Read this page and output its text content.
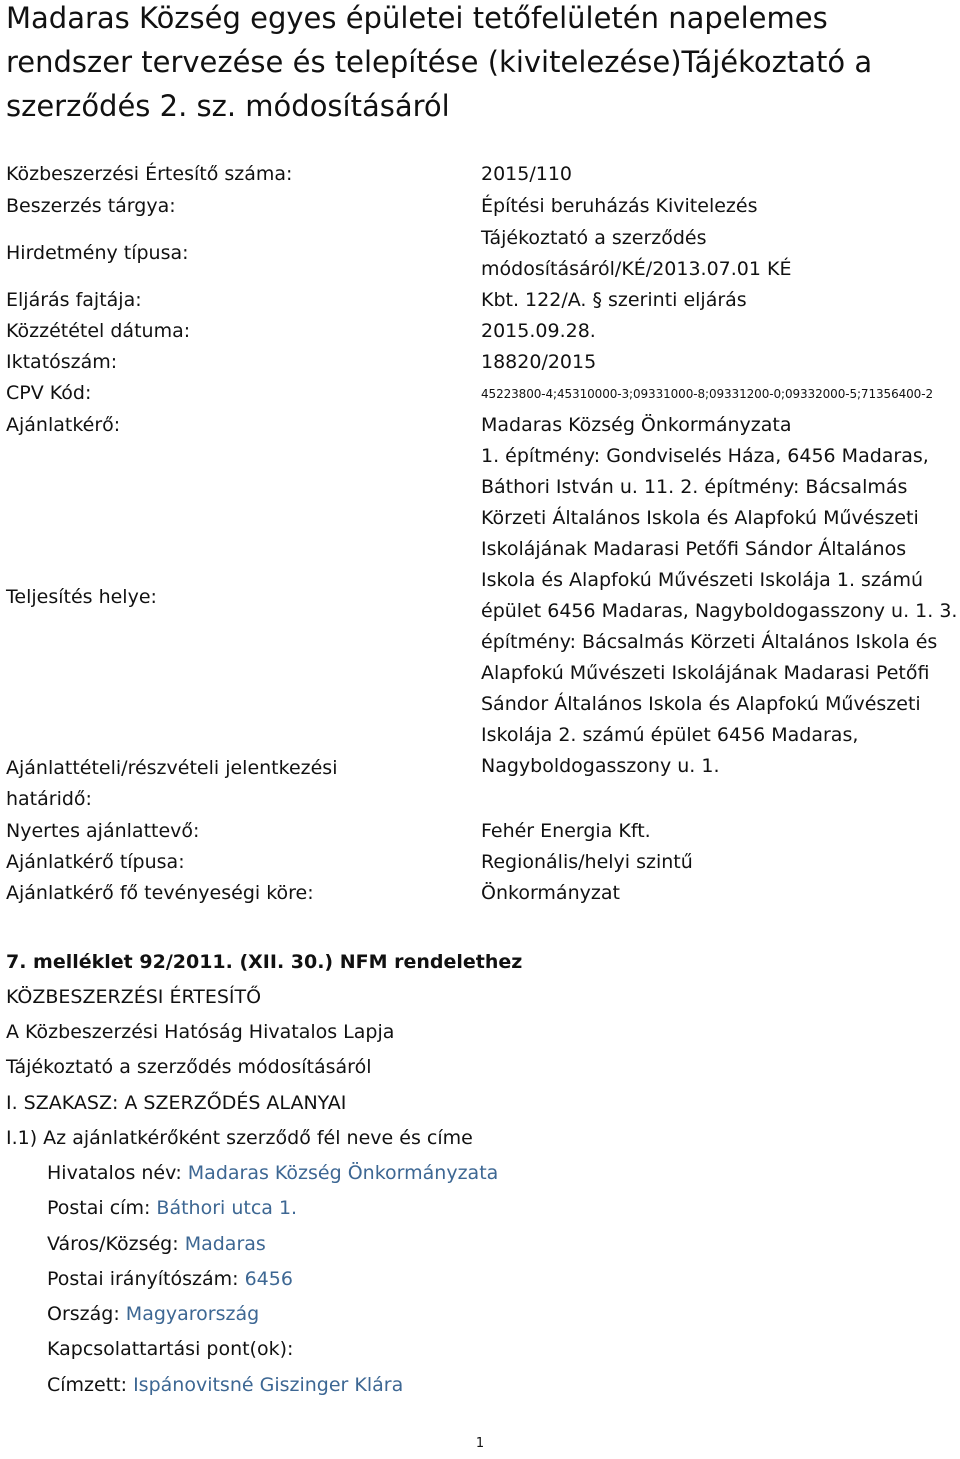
Madaras Község egyes épületei tetőfelületén napelemes rendszer tervezése és telepítése (kivitelezése)Tájékoztató a szerződés 2. sz. módosításáról
Közbeszerzési Értesítő száma:	2015/110
Beszerzés tárgya:	Építési beruházás Kivitelezés
Hirdetmény típusa:
Tájékoztató a szerződés módosításáról/KÉ/2013.07.01 KÉ
Eljárás fajtája:	Kbt. 122/A. § szerinti eljárás
Közzététel dátuma:	2015.09.28.
Iktatószám:	18820/2015
CPV Kód:	45223800-4;45310000-3;09331000-8;09331200-0;09332000-5;71356400-2
Ajánlatkérő:	Madaras Község Önkormányzata
Teljesítés helye:
1. építmény: Gondviselés Háza, 6456 Madaras, Báthori István u. 11. 2. építmény: Bácsalmás Körzeti Általános Iskola és Alapfokú Művészeti Iskolájának Madarasi Petőfi Sándor Általános Iskola és Alapfokú Művészeti Iskolája 1. számú épület 6456 Madaras, Nagyboldogasszony u. 1. 3. építmény: Bácsalmás Körzeti Általános Iskola és Alapfokú Művészeti Iskolájának Madarasi Petőfi Sándor Általános Iskola és Alapfokú Művészeti Iskolája 2. számú épület 6456 Madaras, Nagyboldogasszony u. 1.
Ajánlattételi/részvételi jelentkezési határidő:
Nyertes ajánlattevő:	Fehér Energia Kft.
Ajánlatkérő típusa:	Regionális/helyi szintű
Ajánlatkérő fő tevényeségi köre:	Önkormányzat
7. melléklet 92/2011. (XII. 30.) NFM rendelethez
KÖZBESZERZÉSI ÉRTESÍTŐ
A Közbeszerzési Hatóság Hivatalos Lapja
Tájékoztató a szerződés módosításáról
I. SZAKASZ: A SZERZŐDÉS ALANYAI
I.1) Az ajánlatkérőként szerződő fél neve és címe
Hivatalos név: Madaras Község Önkormányzata
Postai cím: Báthori utca 1.
Város/Község: Madaras
Postai irányítószám: 6456
Ország: Magyarország
Kapcsolattartási pont(ok):
Címzett: Ispánovitsné Giszinger Klára
1
